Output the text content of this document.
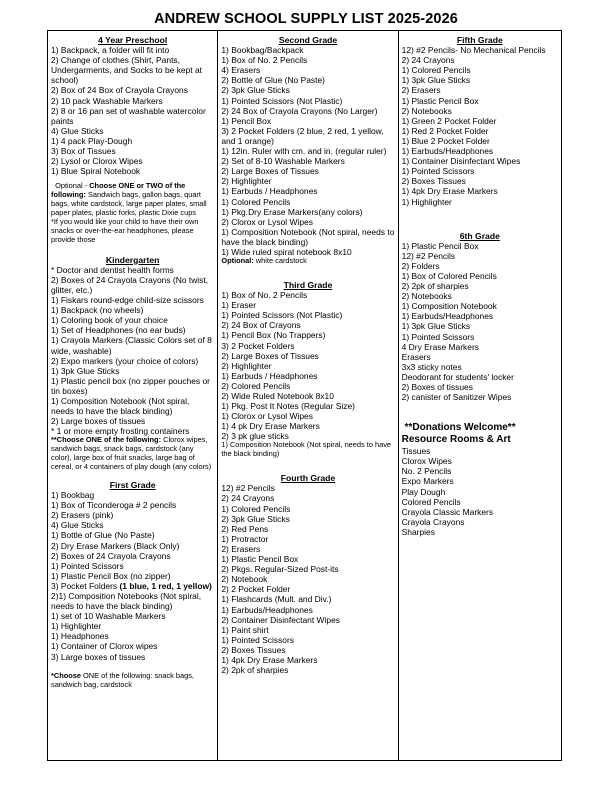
ANDREW SCHOOL SUPPLY LIST 2025-2026
4 Year Preschool
1) Backpack, a folder will fit into
2) Change of clothes (Shirt, Pants, Undergarments, and Socks to be kept at school)
2) Box of 24 Box of Crayola Crayons
2) 10 pack Washable Markers
2) 8 or 16 pan set of washable watercolor paints
4) Glue Sticks
1) 4 pack Play-Dough
3) Box of Tissues
2) Lysol or Clorox Wipes
1) Blue Spiral Notebook
Optional - Choose ONE or TWO of the following: Sandwich bags, gallon bags, quart bags, white cardstock, large paper plates, small paper plates, plastic forks, plastic Dixie cups
*If you would like your child to have their own snacks or over-the-ear headphones, please provide those
Kindergarten
* Doctor and dentist health forms
2) Boxes of 24 Crayola Crayons (No twist, glitter, etc.)
1) Fiskars round-edge child-size scissors
1) Backpack (no wheels)
1) Coloring book of your choice
1) Set of Headphones (no ear buds)
1) Crayola Markers (Classic Colors set of 8 wide, washable)
2) Expo markers (your choice of colors)
1) 3pk Glue Sticks
1) Plastic pencil box (no zipper pouches or tin boxes)
1) Composition Notebook (Not spiral, needs to have the black binding)
2) Large boxes of tissues
* 1 or more empty frosting containers
**Choose ONE of the following: Clorox wipes, sandwich bags, snack bags, cardstock (any color), large box of fruit snacks, large bag of cereal, or 4 containers of play dough (any colors)
First Grade
1) Bookbag
1) Box of Ticonderoga # 2 pencils
2) Erasers (pink)
4) Glue Sticks
1) Bottle of Glue (No Paste)
2) Dry Erase Markers (Black Only)
2) Boxes of 24 Crayola Crayons
1) Pointed Scissors
1) Plastic Pencil Box (no zipper)
3) Pocket Folders (1 blue, 1 red, 1 yellow)
2)1) Composition Notebooks (Not spiral, needs to have the black binding)
1) set of 10 Washable Markers
1) Highlighter
1) Headphones
1) Container of Clorox wipes
3) Large boxes of tissues
*Choose ONE of the following: snack bags, sandwich bag, cardstock
Second Grade
1) Bookbag/Backpack
1) Box of No. 2 Pencils
4) Erasers
2) Bottle of Glue (No Paste)
2) 3pk Glue Sticks
1) Pointed Scissors (Not Plastic)
2) 24 Box of Crayola Crayons (No Larger)
1) Pencil Box
3) 2 Pocket Folders (2 blue, 2 red, 1 yellow, and 1 orange)
1) 12in. Ruler with cm. and in. (regular ruler)
2) Set of 8-10 Washable Markers
2) Large Boxes of Tissues
2) Highlighter
1) Earbuds / Headphones
1) Colored Pencils
1) Pkg.Dry Erase Markers(any colors)
2) Clorox or Lysol Wipes
1) Composition Notebook (Not spiral, needs to have the black binding)
1) Wide ruled spiral notebook 8x10
Optional: white cardstock
Third Grade
1) Box of No. 2 Pencils
1) Eraser
1) Pointed Scissors (Not Plastic)
2) 24 Box of Crayons
1) Pencil Box (No Trappers)
3) 2 Pocket Folders
2) Large Boxes of Tissues
2) Highlighter
1) Earbuds / Headphones
2) Colored Pencils
2) Wide Ruled Notebook 8x10
1) Pkg. Post It Notes (Regular Size)
1) Clorox or Lysol Wipes
1) 4 pk Dry Erase Markers
2) 3 pk glue sticks
1) Composition Notebook (Not spiral, needs to have the black binding)
Fourth Grade
12) #2 Pencils
2) 24 Crayons
1) Colored Pencils
2) 3pk Glue Sticks
2) Red Pens
1) Protractor
2) Erasers
1) Plastic Pencil Box
2) Pkgs. Regular-Sized Post-its
2) Notebook
2) 2 Pocket Folder
1) Flashcards (Mult. and Div.)
1) Earbuds/Headphones
2) Container Disinfectant Wipes
1) Paint shirt
1) Pointed Scissors
2) Boxes Tissues
1) 4pk Dry Erase Markers
2) 2pk of sharpies
Fifth Grade
12) #2 Pencils- No Mechanical Pencils
2) 24 Crayons
1) Colored Pencils
1) 3pk Glue Sticks
2) Erasers
1) Plastic Pencil Box
2) Notebooks
1) Green 2 Pocket Folder
1) Red 2 Pocket Folder
1) Blue 2 Pocket Folder
1) Earbuds/Headphones
1) Container Disinfectant Wipes
1) Pointed Scissors
2) Boxes Tissues
1) 4pk Dry Erase Markers
1) Highlighter
6th Grade
1) Plastic Pencil Box
12) #2 Pencils
2) Folders
1) Box of Colored Pencils
2) 2pk of sharpies
2) Notebooks
1) Composition Notebook
1) Earbuds/Headphones
1) 3pk Glue Sticks
1) Pointed Scissors
4 Dry Erase Markers
Erasers
3x3 sticky notes
Deodorant for students' locker
2) Boxes of tissues
2) canister of Sanitizer Wipes
**Donations Welcome**
Resource Rooms & Art
Tissues
Clorox Wipes
No. 2 Pencils
Expo Markers
Play Dough
Colored Pencils
Crayola Classic Markers
Crayola Crayons
Sharpies
